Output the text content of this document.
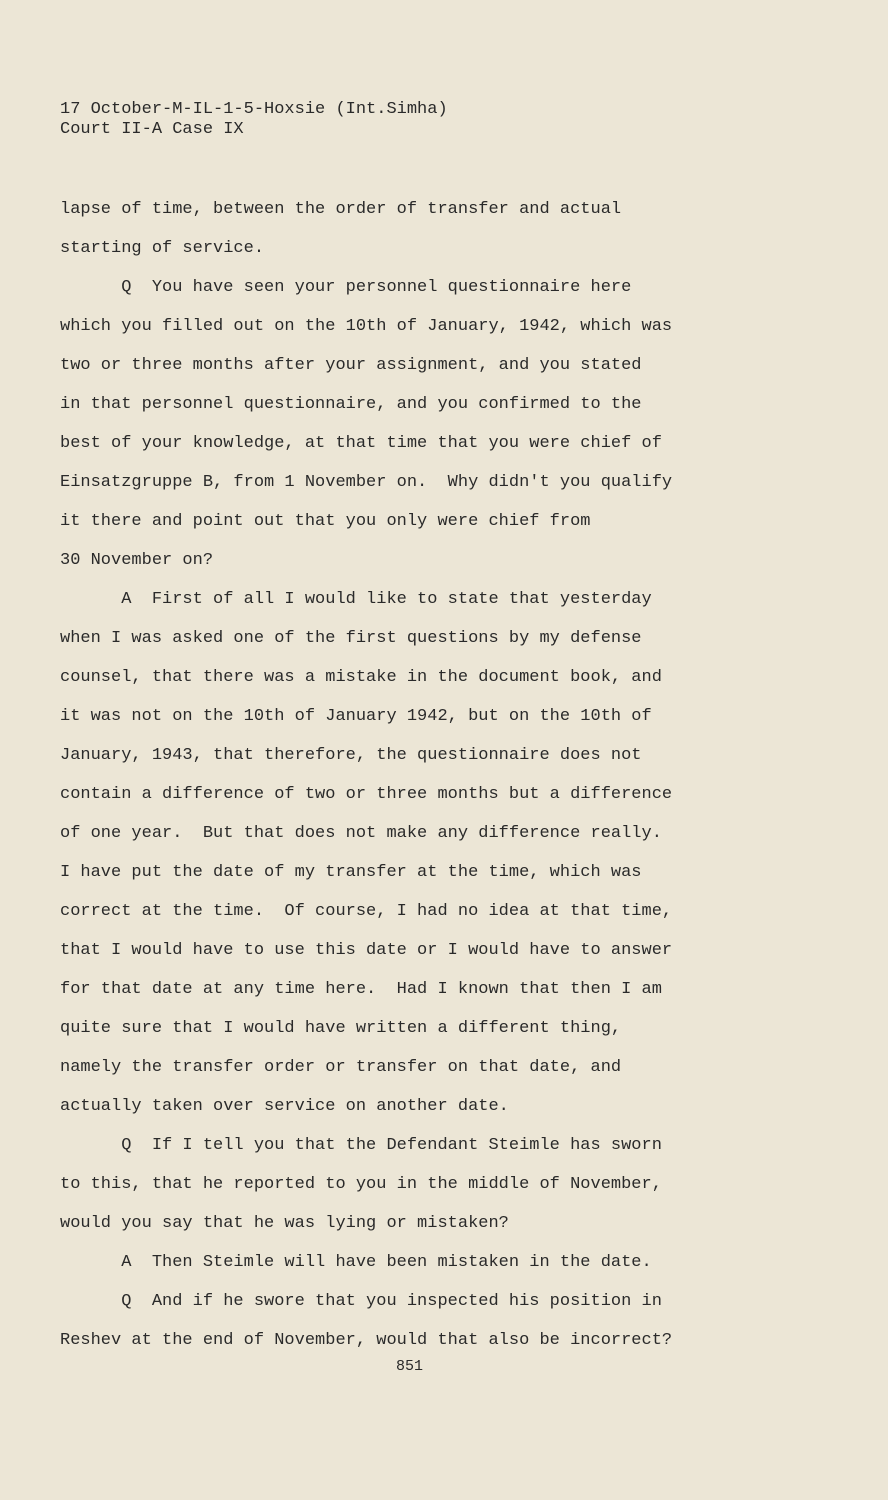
17 October-M-IL-1-5-Hoxsie (Int.Simha)
Court II-A Case IX
lapse of time, between the order of transfer and actual
starting of service.
Q  You have seen your personnel questionnaire here
which you filled out on the 10th of January, 1942, which was
two or three months after your assignment, and you stated
in that personnel questionnaire, and you confirmed to the
best of your knowledge, at that time that you were chief of
Einsatzgruppe B, from 1 November on.  Why didn't you qualify
it there and point out that you only were chief from
30 November on?
A  First of all I would like to state that yesterday
when I was asked one of the first questions by my defense
counsel, that there was a mistake in the document book, and
it was not on the 10th of January 1942, but on the 10th of
January, 1943, that therefore, the questionnaire does not
contain a difference of two or three months but a difference
of one year.  But that does not make any difference really.
I have put the date of my transfer at the time, which was
correct at the time.  Of course, I had no idea at that time,
that I would have to use this date or I would have to answer
for that date at any time here.  Had I known that then I am
quite sure that I would have written a different thing,
namely the transfer order or transfer on that date, and
actually taken over service on another date.
Q  If I tell you that the Defendant Steimle has sworn
to this, that he reported to you in the middle of November,
would you say that he was lying or mistaken?
A  Then Steimle will have been mistaken in the date.
Q  And if he swore that you inspected his position in
Reshev at the end of November, would that also be incorrect?
851
